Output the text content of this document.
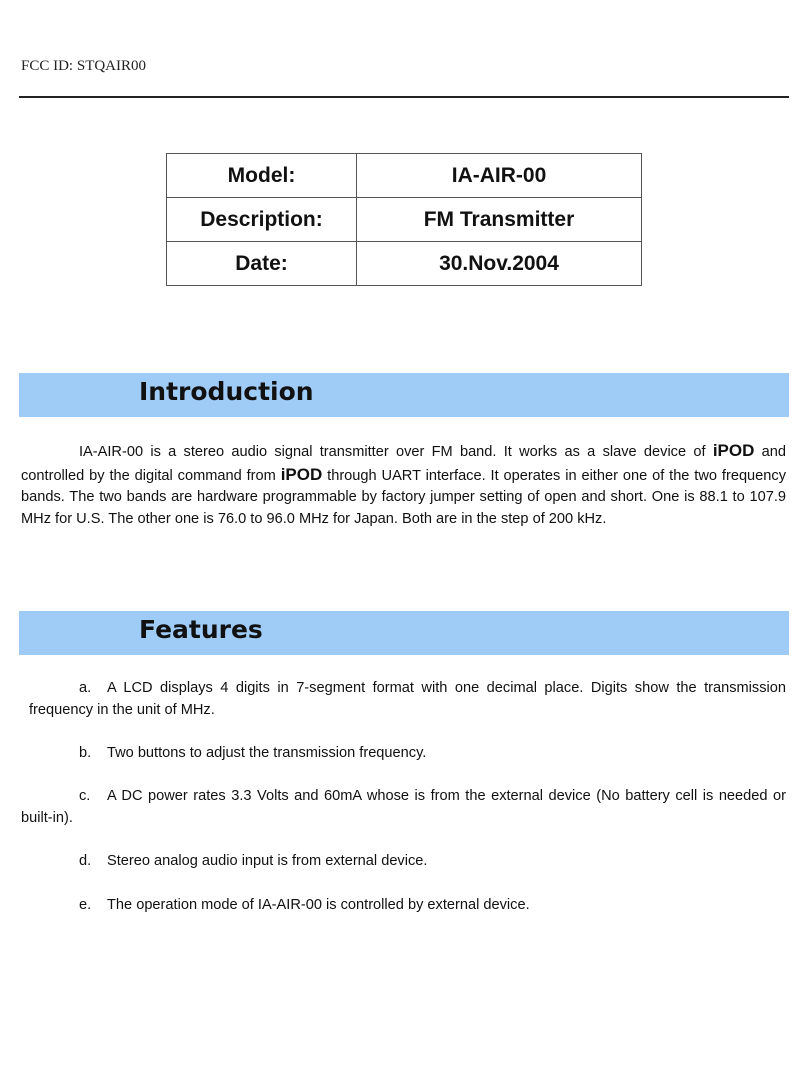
FCC ID: STQAIR00
Model:	IA-AIR-00
Description:	FM Transmitter
Date:	30.Nov.2004
Introduction

IA-AIR-00 is a stereo audio signal transmitter over FM band. It works as a slave device of iPOD and controlled by the digital command from iPOD through UART interface. It operates in either one of the two frequency bands. The two bands are hardware programmable by factory jumper setting of open and short. One is 88.1 to 107.9 MHz for U.S. The other one is 76.0 to 96.0 MHz for Japan. Both are in the step of 200 kHz.

Features

a. A LCD displays 4 digits in 7-segment format with one decimal place. Digits show the transmission frequency in the unit of MHz.

b. Two buttons to adjust the transmission frequency.

c. A DC power rates 3.3 Volts and 60mA whose is from the external device (No battery cell is needed or built-in).

d. Stereo analog audio input is from external device.

e. The operation mode of IA-AIR-00 is controlled by external device.
